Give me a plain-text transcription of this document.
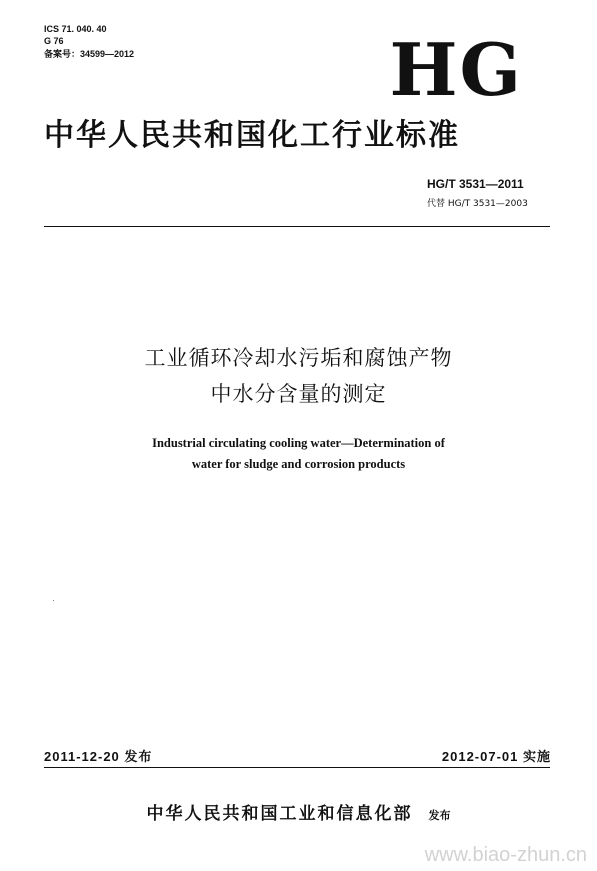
ICS 71. 040. 40
G 76
备案号：34599—2012	HG
中华人民共和国化工行业标准
HG/T 3531—2011
代替 HG/T 3531—2003
工业循环冷却水污垢和腐蚀产物
中水分含量的测定
Industrial circulating cooling water—Determination of
water for sludge and corrosion products
2011-12-20 发布	2012-07-01 实施
中华人民共和国工业和信息化部 发布
www.biao-zhun.cn
